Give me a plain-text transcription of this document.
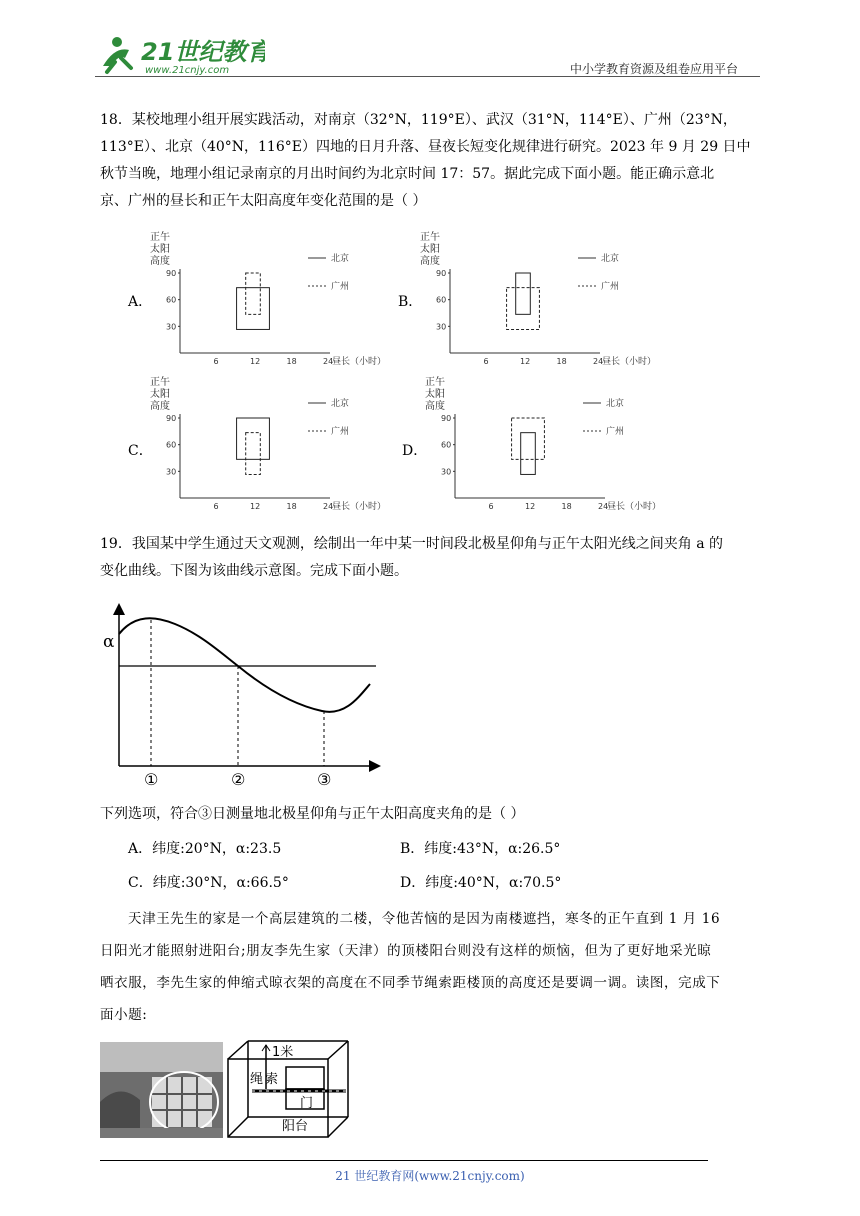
21世纪教育
www.21cnjy.com	中小学教育资源及组卷应用平台
18．某校地理小组开展实践活动，对南京（32°N，119°E）、武汉（31°N，114°E）、广州（23°N，
113°E）、北京（40°N，116°E）四地的日月升落、昼夜长短变化规律进行研究。2023 年 9 月 29 日中
秋节当晚，地理小组记录南京的月出时间约为北京时间 17：57。据此完成下面小题。能正确示意北
京、广州的昼长和正午太阳高度年变化范围的是（ ）
A．	B．
C．	D．
正午
太阳
高度
90
60
30
6	12	18	24
昼长（小时）
北京
广州
正午
太阳
高度
90
60
30
6	12	18	24
昼长（小时）
北京
广州
正午
太阳
高度
90
60
30
6	12	18	24
昼长（小时）
北京
广州
正午
太阳
高度
90
60
30
6	12	18	24
昼长（小时）
北京
广州
19．我国某中学生通过天文观测，绘制出一年中某一时间段北极星仰角与正午太阳光线之间夹角 a 的
变化曲线。下图为该曲线示意图。完成下面小题。
α
①	②	③
下列选项，符合③日测量地北极星仰角与正午太阳高度夹角的是（ ）
A．纬度:20°N，α:23.5	B．纬度:43°N，α:26.5°
C．纬度:30°N，α:66.5°	D．纬度:40°N，α:70.5°
天津王先生的家是一个高层建筑的二楼，令他苦恼的是因为南楼遮挡，寒冬的正午直到 1 月 16
日阳光才能照射进阳台;朋友李先生家（天津）的顶楼阳台则没有这样的烦恼，但为了更好地采光晾
晒衣服，李先生家的伸缩式晾衣架的高度在不同季节绳索距楼顶的高度还是要调一调。读图，完成下
面小题:
1米
绳 索
门
阳台
21 世纪教育网(www.21cnjy.com)
